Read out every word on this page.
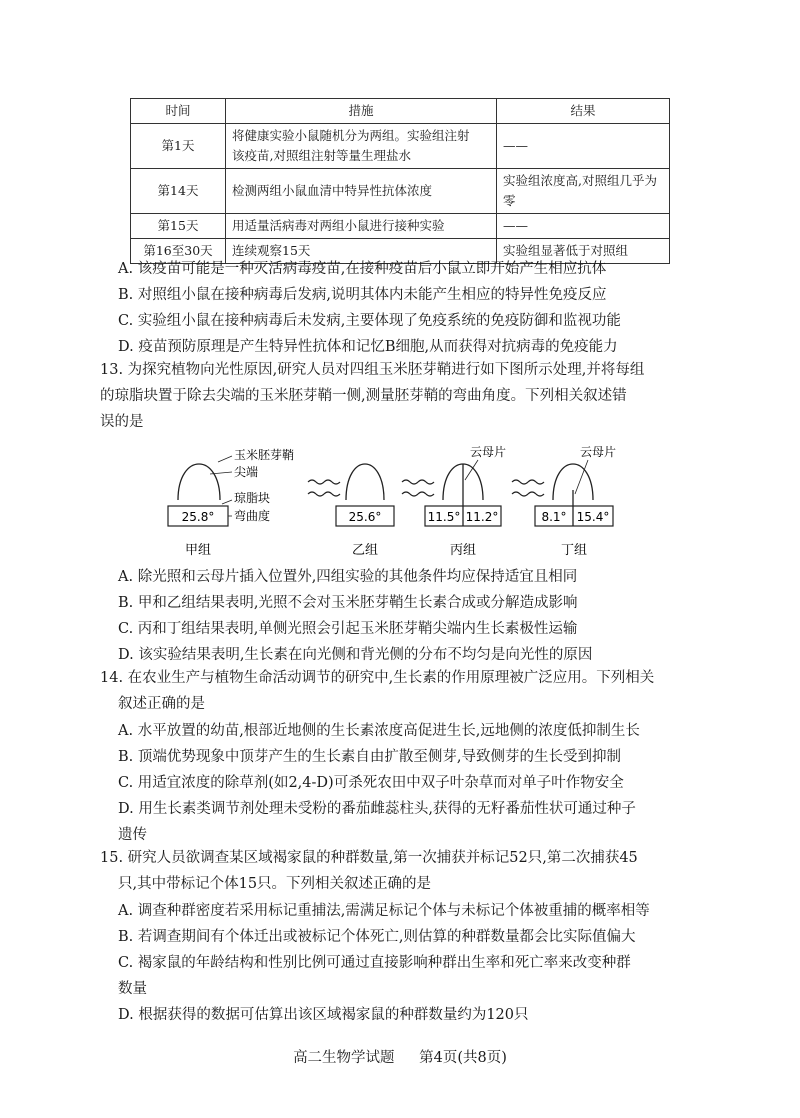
时间	措施	结果
第1天	将健康实验小鼠随机分为两组。实验组注射
该疫苗,对照组注射等量生理盐水	——
第14天	检测两组小鼠血清中特异性抗体浓度	实验组浓度高,对照组几乎为零
第15天	用适量活病毒对两组小鼠进行接种实验	——
第16至30天	连续观察15天	实验组显著低于对照组
A. 该疫苗可能是一种灭活病毒疫苗,在接种疫苗后小鼠立即开始产生相应抗体
B. 对照组小鼠在接种病毒后发病,说明其体内未能产生相应的特异性免疫反应
C. 实验组小鼠在接种病毒后未发病,主要体现了免疫系统的免疫防御和监视功能
D. 疫苗预防原理是产生特异性抗体和记忆B细胞,从而获得对抗病毒的免疫能力
13. 为探究植物向光性原因,研究人员对四组玉米胚芽鞘进行如下图所示处理,并将每组
的琼脂块置于除去尖端的玉米胚芽鞘一侧,测量胚芽鞘的弯曲角度。下列相关叙述错
误的是
25.8°
玉米胚芽鞘
尖端
琼脂块
弯曲度
甲组
25.6°
乙组
云母片
11.5° 11.2°
丙组
云母片
8.1° 15.4°
丁组
A. 除光照和云母片插入位置外,四组实验的其他条件均应保持适宜且相同
B. 甲和乙组结果表明,光照不会对玉米胚芽鞘生长素合成或分解造成影响
C. 丙和丁组结果表明,单侧光照会引起玉米胚芽鞘尖端内生长素极性运输
D. 该实验结果表明,生长素在向光侧和背光侧的分布不均匀是向光性的原因
14. 在农业生产与植物生命活动调节的研究中,生长素的作用原理被广泛应用。下列相关
叙述正确的是
A. 水平放置的幼苗,根部近地侧的生长素浓度高促进生长,远地侧的浓度低抑制生长
B. 顶端优势现象中顶芽产生的生长素自由扩散至侧芽,导致侧芽的生长受到抑制
C. 用适宜浓度的除草剂(如2,4-D)可杀死农田中双子叶杂草而对单子叶作物安全
D. 用生长素类调节剂处理未受粉的番茄雌蕊柱头,获得的无籽番茄性状可通过种子
遗传
15. 研究人员欲调查某区域褐家鼠的种群数量,第一次捕获并标记52只,第二次捕获45
只,其中带标记个体15只。下列相关叙述正确的是
A. 调查种群密度若采用标记重捕法,需满足标记个体与未标记个体被重捕的概率相等
B. 若调查期间有个体迁出或被标记个体死亡,则估算的种群数量都会比实际值偏大
C. 褐家鼠的年龄结构和性别比例可通过直接影响种群出生率和死亡率来改变种群
数量
D. 根据获得的数据可估算出该区域褐家鼠的种群数量约为120只
高二生物学试题 第4页(共8页)
